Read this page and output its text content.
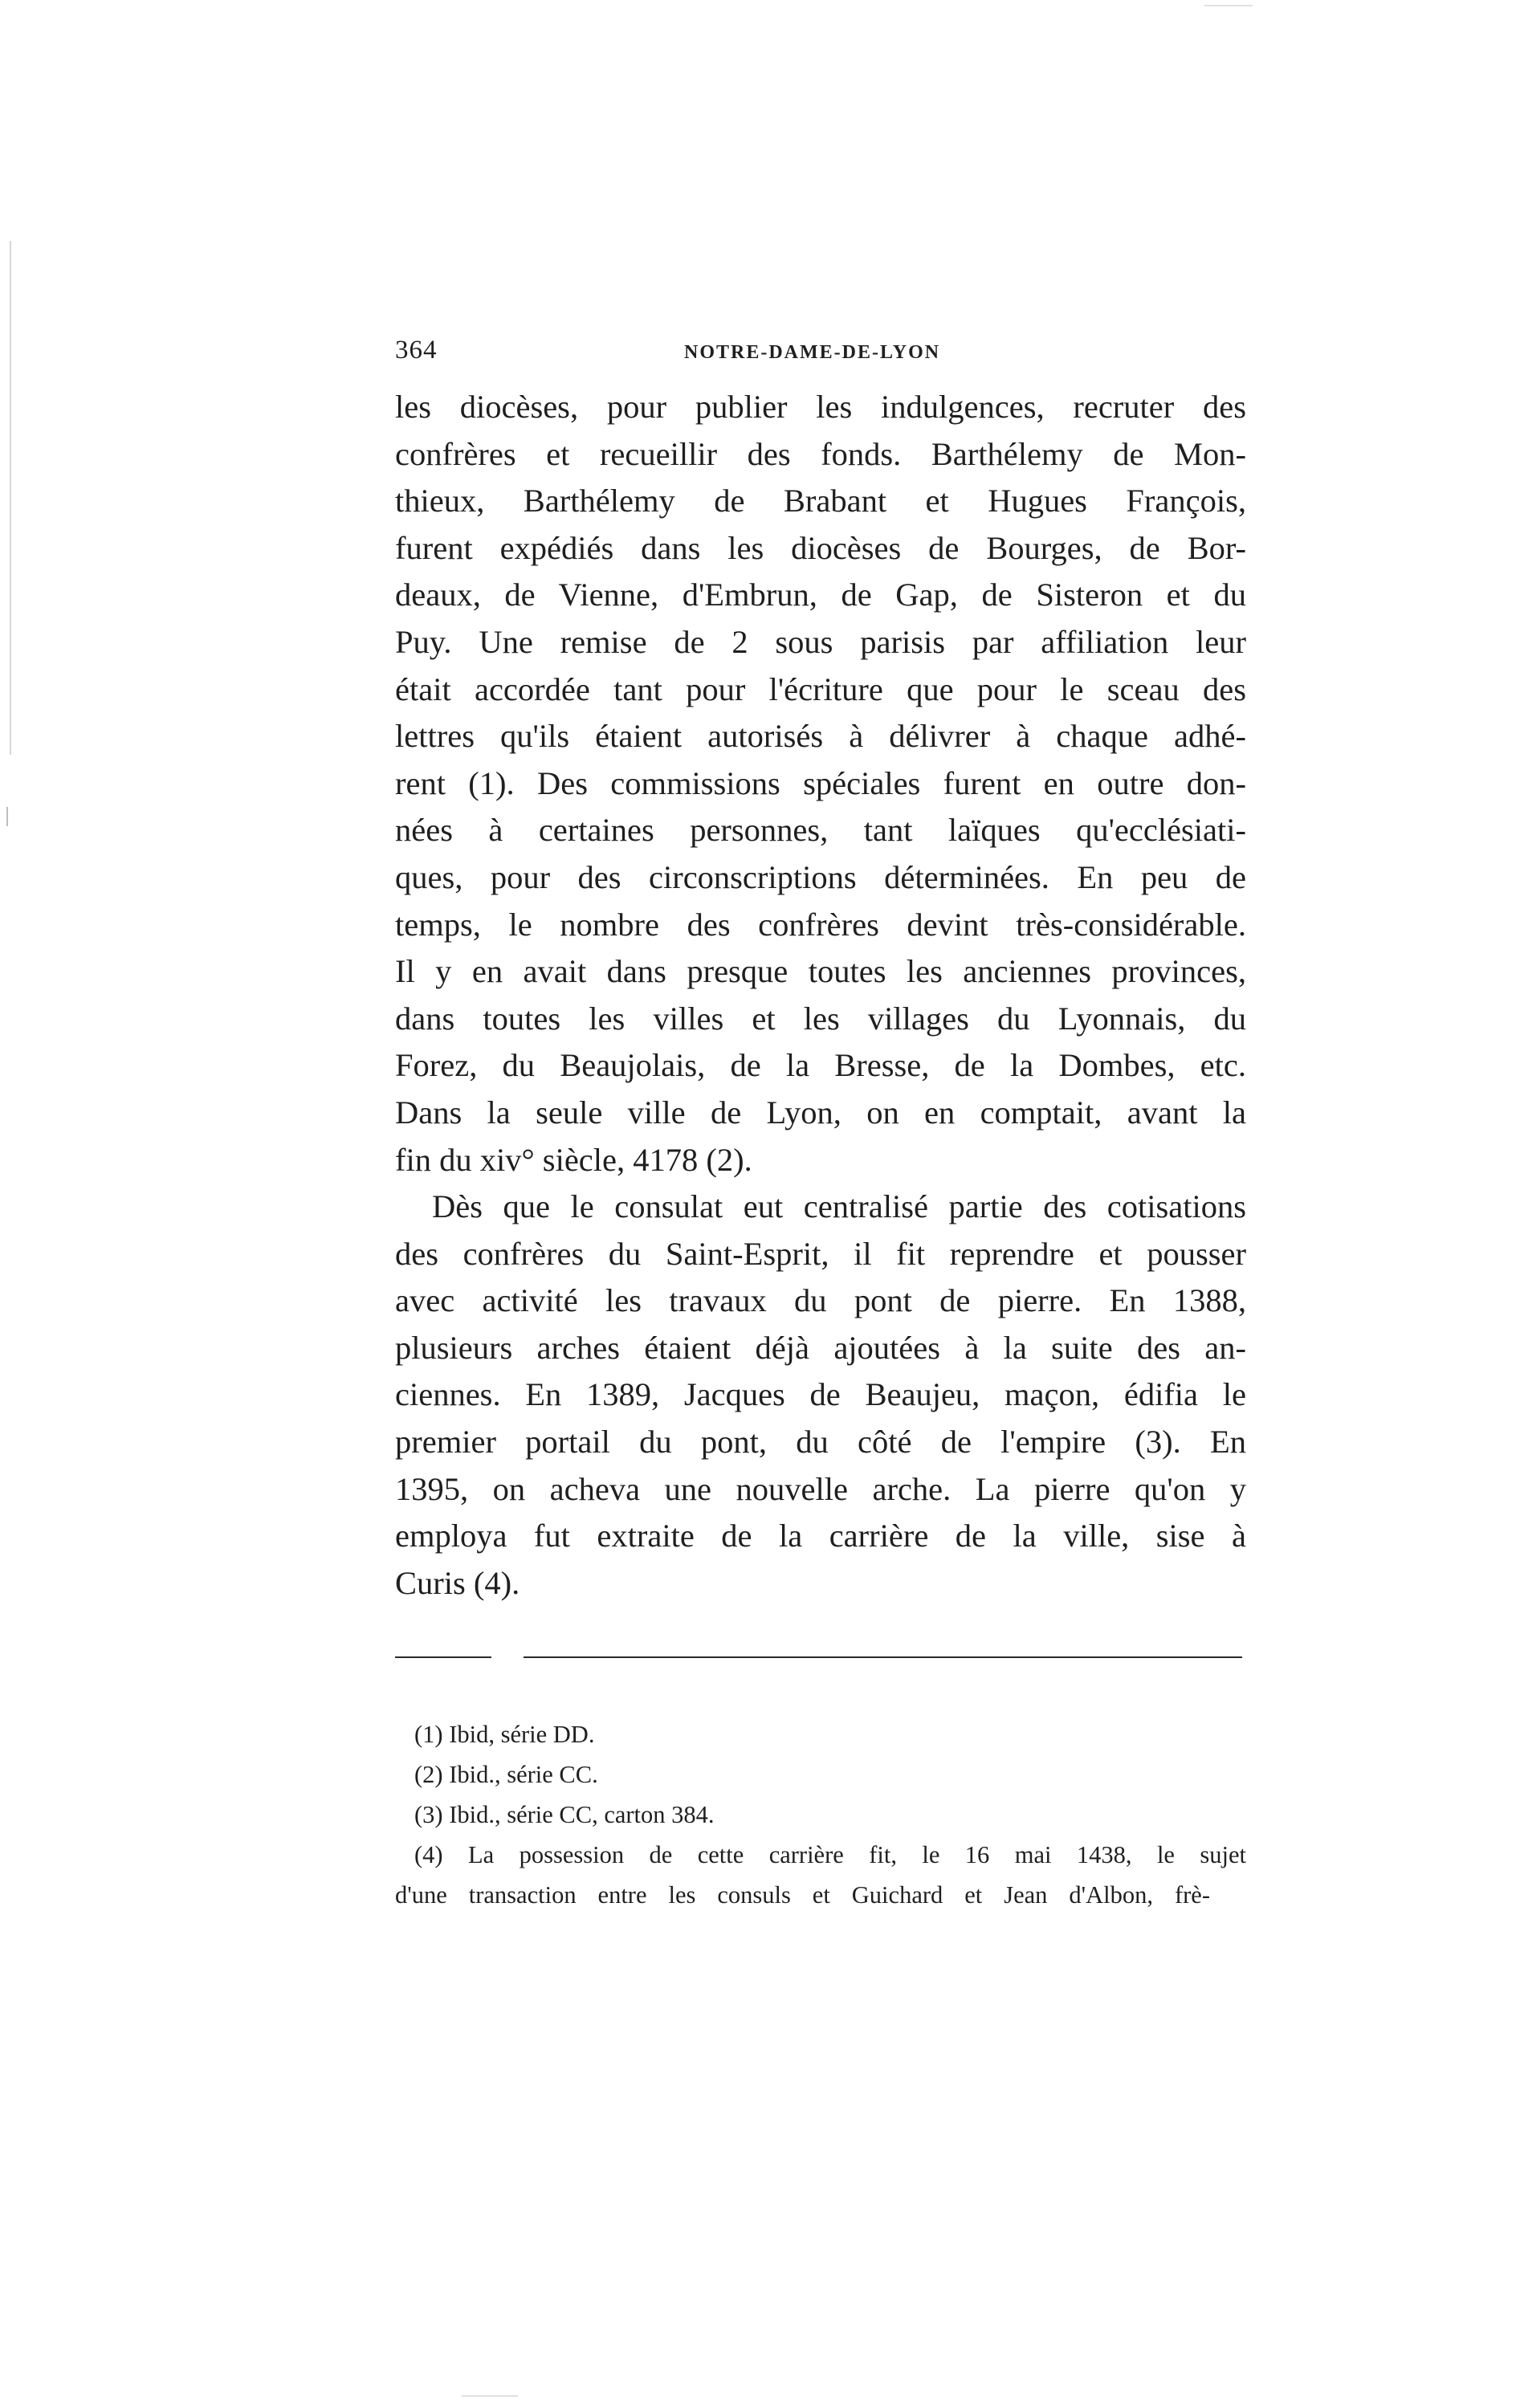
364	NOTRE-DAME-DE-LYON
les diocèses, pour publier les indulgences, recruter des
confrères et recueillir des fonds. Barthélemy de Mon-
thieux, Barthélemy de Brabant et Hugues François,
furent expédiés dans les diocèses de Bourges, de Bor-
deaux, de Vienne, d'Embrun, de Gap, de Sisteron et du
Puy. Une remise de 2 sous parisis par affiliation leur
était accordée tant pour l'écriture que pour le sceau des
lettres qu'ils étaient autorisés à délivrer à chaque adhé-
rent (1). Des commissions spéciales furent en outre don-
nées à certaines personnes, tant laïques qu'ecclésiati-
ques, pour des circonscriptions déterminées. En peu de
temps, le nombre des confrères devint très-considérable.
Il y en avait dans presque toutes les anciennes provinces,
dans toutes les villes et les villages du Lyonnais, du
Forez, du Beaujolais, de la Bresse, de la Dombes, etc.
Dans la seule ville de Lyon, on en comptait, avant la
fin du xiv° siècle, 4178 (2).
Dès que le consulat eut centralisé partie des cotisations
des confrères du Saint-Esprit, il fit reprendre et pousser
avec activité les travaux du pont de pierre. En 1388,
plusieurs arches étaient déjà ajoutées à la suite des an-
ciennes. En 1389, Jacques de Beaujeu, maçon, édifia le
premier portail du pont, du côté de l'empire (3). En
1395, on acheva une nouvelle arche. La pierre qu'on y
employa fut extraite de la carrière de la ville, sise à
Curis (4).
(1) Ibid, série DD.
(2) Ibid., série CC.
(3) Ibid., série CC, carton 384.
(4) La possession de cette carrière fit, le 16 mai 1438, le sujet
d'une transaction entre les consuls et Guichard et Jean d'Albon, frè-
